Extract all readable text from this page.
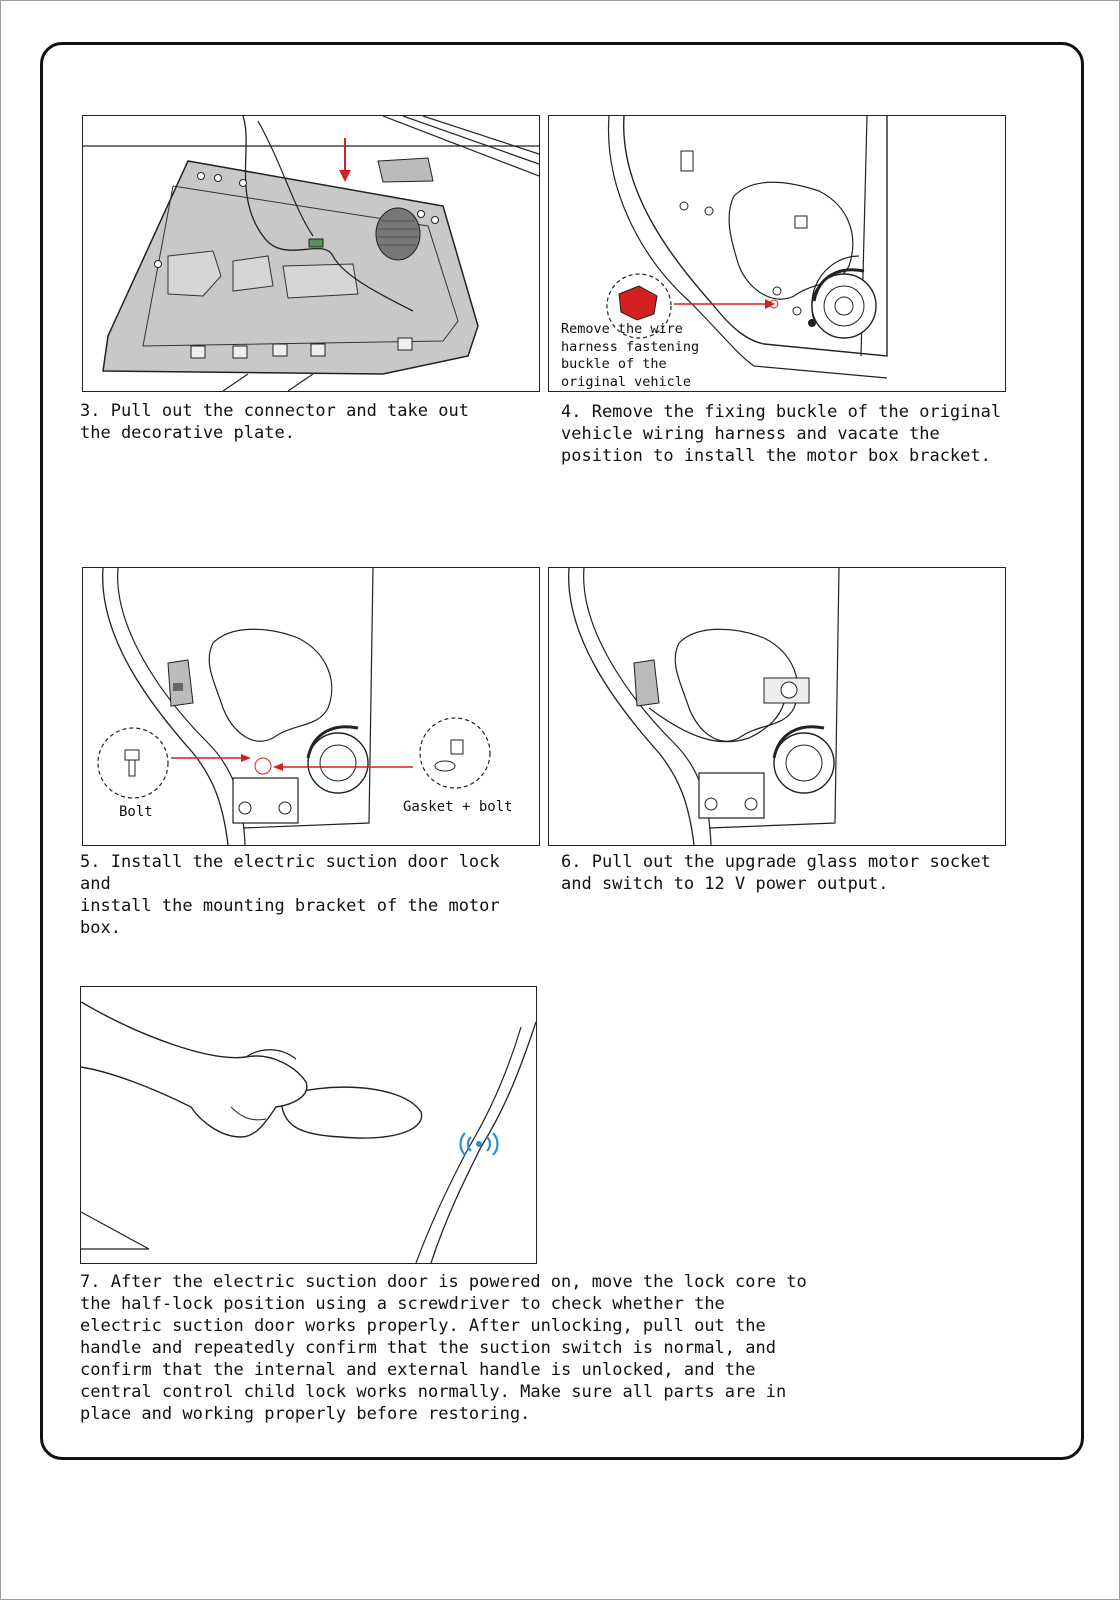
3. Pull out the connector and take out
the decorative plate.

Remove the wire
harness fastening
buckle of the
original vehicle

4. Remove the fixing buckle of the original
vehicle wiring harness and vacate the
position to install the motor box bracket.

Bolt	Gasket + bolt

5. Install the electric suction door lock and
install the mounting bracket of the motor
box.

6. Pull out the upgrade glass motor socket
and switch to 12 V power output.

7. After the electric suction door is powered on, move the lock core to
the half-lock position using a screwdriver to check whether the
electric suction door works properly. After unlocking, pull out the
handle and repeatedly confirm that the suction switch is normal, and
confirm that the internal and external handle is unlocked, and the
central control child lock works normally. Make sure all parts are in
place and working properly before restoring.
